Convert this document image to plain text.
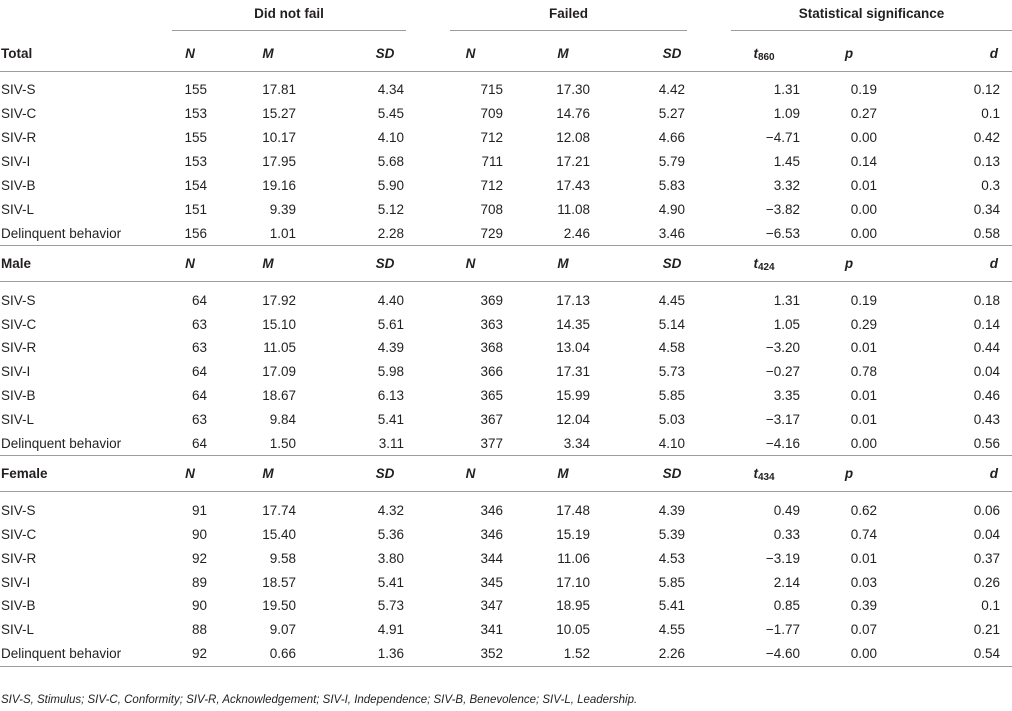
	Did not fail			Failed			Statistical significance		

Total	N	M	SD	N	M	SD	$t_{860}$	p	d
SIV-S	155	17.81	4.34	715	17.30	4.42	1.31	0.19	0.12
SIV-C	153	15.27	5.45	709	14.76	5.27	1.09	0.27	0.1
SIV-R	155	10.17	4.10	712	12.08	4.66	−4.71	0.00	0.42
SIV-I	153	17.95	5.68	711	17.21	5.79	1.45	0.14	0.13
SIV-B	154	19.16	5.90	712	17.43	5.83	3.32	0.01	0.3
SIV-L	151	9.39	5.12	708	11.08	4.90	−3.82	0.00	0.34
Delinquent behavior	156	1.01	2.28	729	2.46	3.46	−6.53	0.00	0.58
Male	N	M	SD	N	M	SD	$t_{424}$	p	d
SIV-S	64	17.92	4.40	369	17.13	4.45	1.31	0.19	0.18
SIV-C	63	15.10	5.61	363	14.35	5.14	1.05	0.29	0.14
SIV-R	63	11.05	4.39	368	13.04	4.58	−3.20	0.01	0.44
SIV-I	64	17.09	5.98	366	17.31	5.73	−0.27	0.78	0.04
SIV-B	64	18.67	6.13	365	15.99	5.85	3.35	0.01	0.46
SIV-L	63	9.84	5.41	367	12.04	5.03	−3.17	0.01	0.43
Delinquent behavior	64	1.50	3.11	377	3.34	4.10	−4.16	0.00	0.56
Female	N	M	SD	N	M	SD	$t_{434}$	p	d
SIV-S	91	17.74	4.32	346	17.48	4.39	0.49	0.62	0.06
SIV-C	90	15.40	5.36	346	15.19	5.39	0.33	0.74	0.04
SIV-R	92	9.58	3.80	344	11.06	4.53	−3.19	0.01	0.37
SIV-I	89	18.57	5.41	345	17.10	5.85	2.14	0.03	0.26
SIV-B	90	19.50	5.73	347	18.95	5.41	0.85	0.39	0.1
SIV-L	88	9.07	4.91	341	10.05	4.55	−1.77	0.07	0.21
Delinquent behavior	92	0.66	1.36	352	1.52	2.26	−4.60	0.00	0.54
SIV-S, Stimulus; SIV-C, Conformity; SIV-R, Acknowledgement; SIV-I, Independence; SIV-B, Benevolence; SIV-L, Leadership.
